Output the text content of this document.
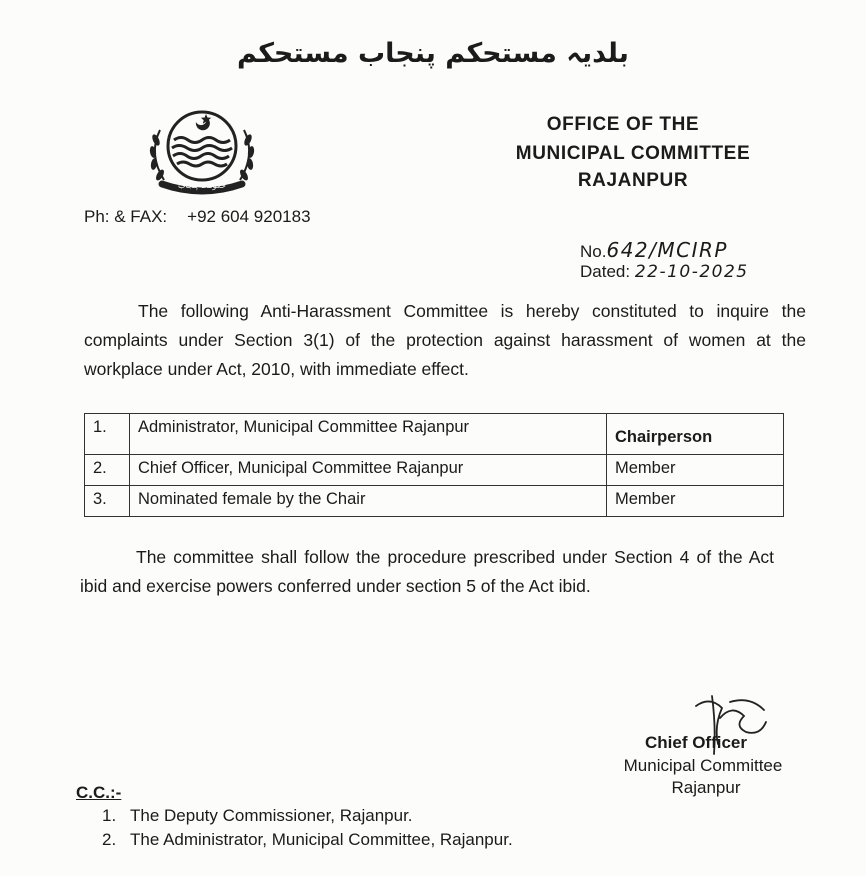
بلدیہ مستحکم پنجاب مستحکم
حکومت پنجاب
OFFICE OF THE
MUNICIPAL COMMITTEE
RAJANPUR
Ph: & FAX: +92 604 920183
No.642/MCIRP
Dated: 22-10-2025
The following Anti-Harassment Committee is hereby constituted to inquire the complaints under Section 3(1) of the protection against harassment of women at the workplace under Act, 2010, with immediate effect.
1.	Administrator, Municipal Committee Rajanpur	Chairperson
2.	Chief Officer, Municipal Committee Rajanpur	Member
3.	Nominated female by the Chair	Member
The committee shall follow the procedure prescribed under Section 4 of the Act ibid and exercise powers conferred under section 5 of the Act ibid.
Chief Officer
Municipal Committee
Rajanpur
C.C.:-
1. The Deputy Commissioner, Rajanpur.
2. The Administrator, Municipal Committee, Rajanpur.
